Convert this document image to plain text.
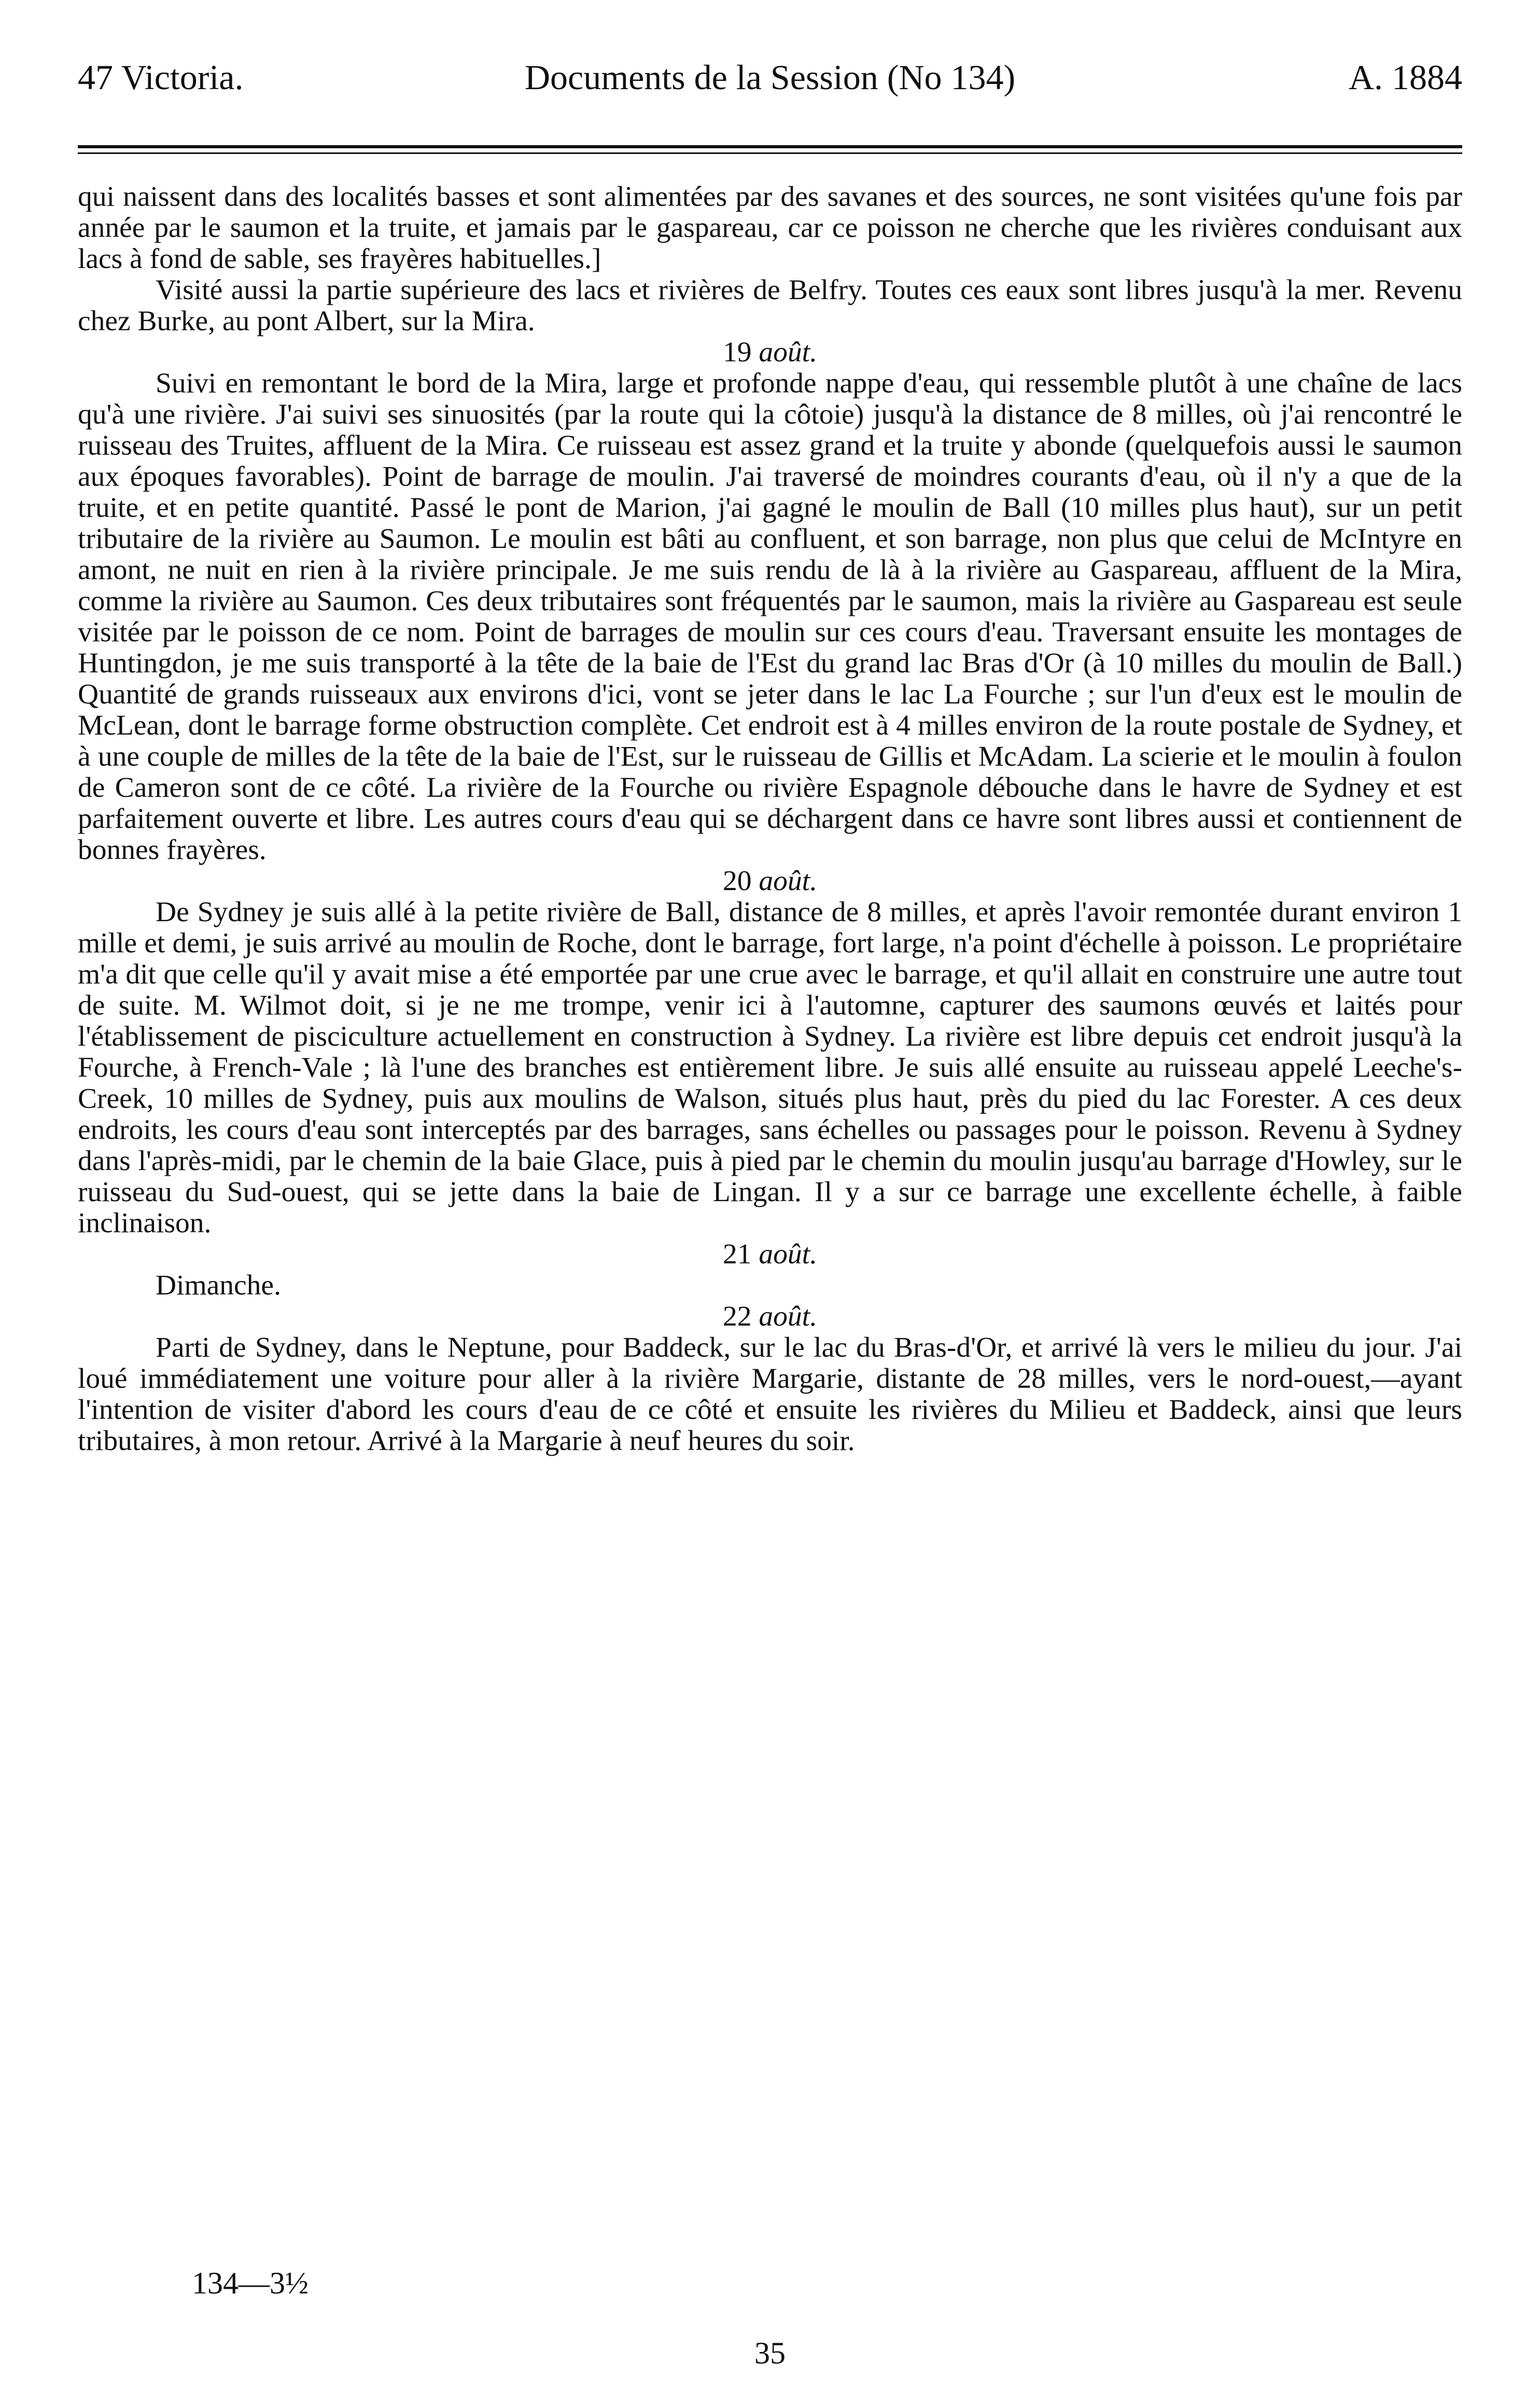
47 Victoria.	Documents de la Session (No 134)	A. 1884

qui naissent dans des localités basses et sont alimentées par des savanes et des sources, ne sont visitées qu'une fois par année par le saumon et la truite, et jamais par le gaspareau, car ce poisson ne cherche que les rivières conduisant aux lacs à fond de sable, ses frayères habituelles.]

Visité aussi la partie supérieure des lacs et rivières de Belfry. Toutes ces eaux sont libres jusqu'à la mer. Revenu chez Burke, au pont Albert, sur la Mira.

19 août.

Suivi en remontant le bord de la Mira, large et profonde nappe d'eau, qui ressemble plutôt à une chaîne de lacs qu'à une rivière. J'ai suivi ses sinuosités (par la route qui la côtoie) jusqu'à la distance de 8 milles, où j'ai rencontré le ruisseau des Truites, affluent de la Mira. Ce ruisseau est assez grand et la truite y abonde (quelquefois aussi le saumon aux époques favorables). Point de barrage de moulin. J'ai traversé de moindres courants d'eau, où il n'y a que de la truite, et en petite quantité. Passé le pont de Marion, j'ai gagné le moulin de Ball (10 milles plus haut), sur un petit tributaire de la rivière au Saumon. Le moulin est bâti au confluent, et son barrage, non plus que celui de McIntyre en amont, ne nuit en rien à la rivière principale. Je me suis rendu de là à la rivière au Gaspareau, affluent de la Mira, comme la rivière au Saumon. Ces deux tributaires sont fréquentés par le saumon, mais la rivière au Gaspareau est seule visitée par le poisson de ce nom. Point de barrages de moulin sur ces cours d'eau. Traversant ensuite les montages de Huntingdon, je me suis transporté à la tête de la baie de l'Est du grand lac Bras d'Or (à 10 milles du moulin de Ball.) Quantité de grands ruisseaux aux environs d'ici, vont se jeter dans le lac La Fourche ; sur l'un d'eux est le moulin de McLean, dont le barrage forme obstruction complète. Cet endroit est à 4 milles environ de la route postale de Sydney, et à une couple de milles de la tête de la baie de l'Est, sur le ruisseau de Gillis et McAdam. La scierie et le moulin à foulon de Cameron sont de ce côté. La rivière de la Fourche ou rivière Espagnole débouche dans le havre de Sydney et est parfaitement ouverte et libre. Les autres cours d'eau qui se déchargent dans ce havre sont libres aussi et contiennent de bonnes frayères.

20 août.

De Sydney je suis allé à la petite rivière de Ball, distance de 8 milles, et après l'avoir remontée durant environ 1 mille et demi, je suis arrivé au moulin de Roche, dont le barrage, fort large, n'a point d'échelle à poisson. Le propriétaire m'a dit que celle qu'il y avait mise a été emportée par une crue avec le barrage, et qu'il allait en construire une autre tout de suite. M. Wilmot doit, si je ne me trompe, venir ici à l'automne, capturer des saumons œuvés et laités pour l'établissement de pisciculture actuellement en construction à Sydney. La rivière est libre depuis cet endroit jusqu'à la Fourche, à French-Vale ; là l'une des branches est entièrement libre. Je suis allé ensuite au ruisseau appelé Leeche's-Creek, 10 milles de Sydney, puis aux moulins de Walson, situés plus haut, près du pied du lac Forester. A ces deux endroits, les cours d'eau sont interceptés par des barrages, sans échelles ou passages pour le poisson. Revenu à Sydney dans l'après-midi, par le chemin de la baie Glace, puis à pied par le chemin du moulin jusqu'au barrage d'Howley, sur le ruisseau du Sud-ouest, qui se jette dans la baie de Lingan. Il y a sur ce barrage une excellente échelle, à faible inclinaison.

21 août.

Dimanche.

22 août.

Parti de Sydney, dans le Neptune, pour Baddeck, sur le lac du Bras-d'Or, et arrivé là vers le milieu du jour. J'ai loué immédiatement une voiture pour aller à la rivière Margarie, distante de 28 milles, vers le nord-ouest,—ayant l'intention de visiter d'abord les cours d'eau de ce côté et ensuite les rivières du Milieu et Baddeck, ainsi que leurs tributaires, à mon retour. Arrivé à la Margarie à neuf heures du soir.

134—3½
35
